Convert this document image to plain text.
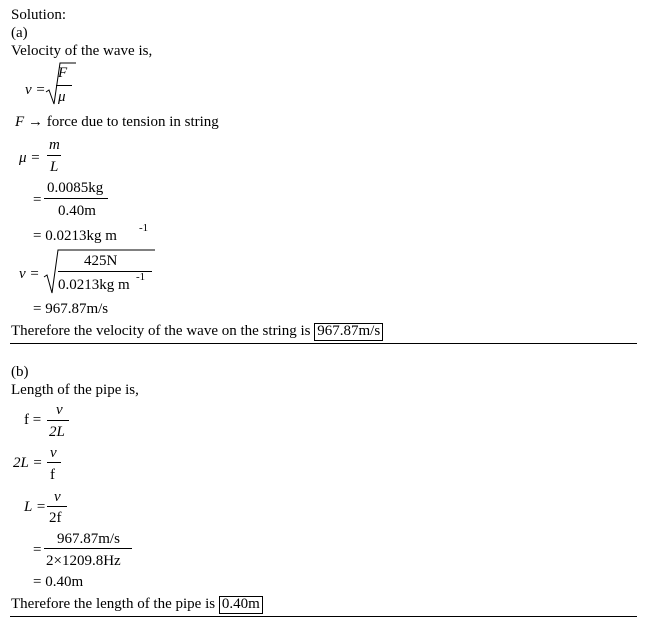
Solution:
(a)
Velocity of the wave is,
v =
F
μ
F → force due to tension in string
μ =
m
L
=
0.0085kg
0.40m
= 0.0213kg m -1
v =
425N
0.0213kg m -1
= 967.87m/s
Therefore the velocity of the wave on the string is 967.87m/s
(b)
Length of the pipe is,
f =
v
2L
2L =
v
f
L =
v
2f
=
967.87m/s
2×1209.8Hz
= 0.40m
Therefore the length of the pipe is 0.40m
